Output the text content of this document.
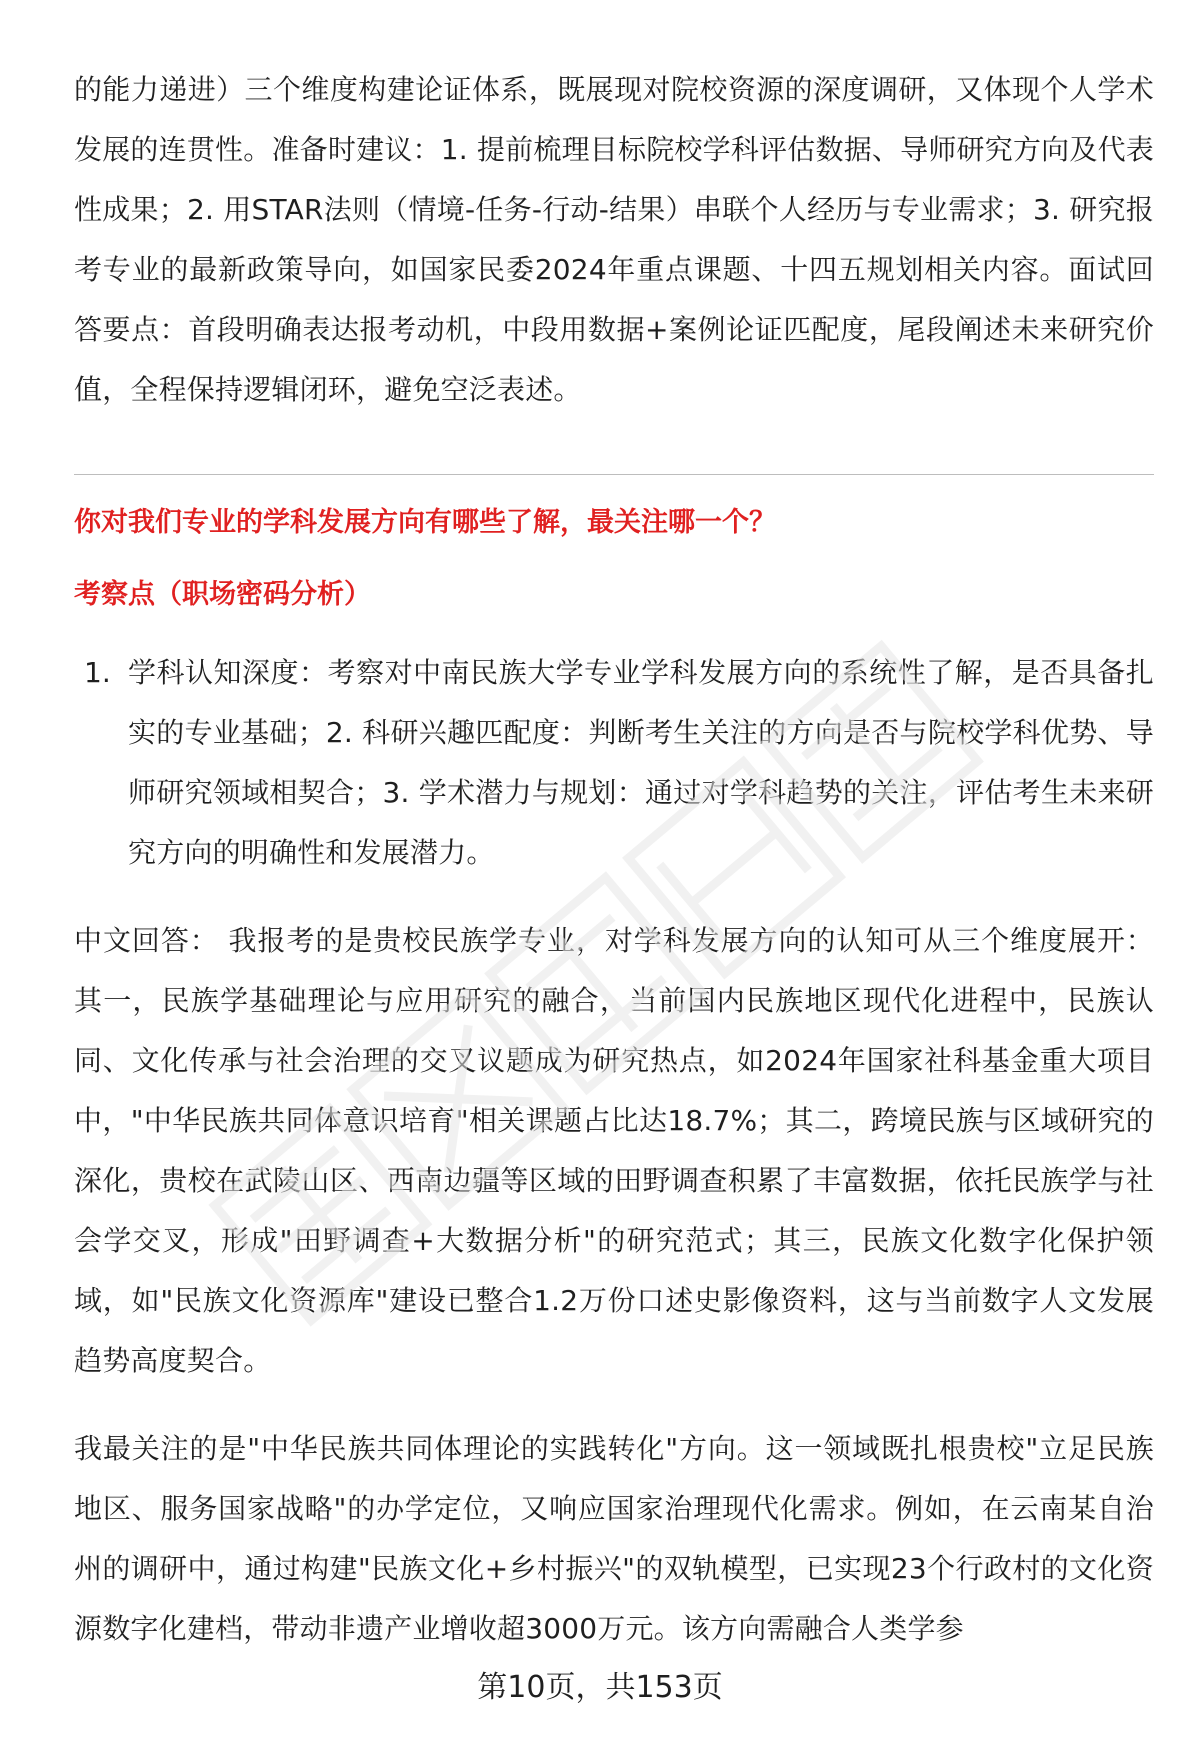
的能力递进）三个维度构建论证体系，既展现对院校资源的深度调研，又体现个人学术发展的连贯性。准备时建议：1. 提前梳理目标院校学科评估数据、导师研究方向及代表性成果；2. 用STAR法则（情境-任务-行动-结果）串联个人经历与专业需求；3. 研究报考专业的最新政策导向，如国家民委2024年重点课题、十四五规划相关内容。面试回答要点：首段明确表达报考动机，中段用数据+案例论证匹配度，尾段阐述未来研究价值，全程保持逻辑闭环，避免空泛表述。

你对我们专业的学科发展方向有哪些了解，最关注哪一个？
考察点（职场密码分析）
1. 学科认知深度：考察对中南民族大学专业学科发展方向的系统性了解，是否具备扎实的专业基础；2. 科研兴趣匹配度：判断考生关注的方向是否与院校学科优势、导师研究领域相契合；3. 学术潜力与规划：通过对学科趋势的关注，评估考生未来研究方向的明确性和发展潜力。

中文回答： 我报考的是贵校民族学专业，对学科发展方向的认知可从三个维度展开：其一，民族学基础理论与应用研究的融合，当前国内民族地区现代化进程中，民族认同、文化传承与社会治理的交叉议题成为研究热点，如2024年国家社科基金重大项目中，"中华民族共同体意识培育"相关课题占比达18.7%；其二，跨境民族与区域研究的深化，贵校在武陵山区、西南边疆等区域的田野调查积累了丰富数据，依托民族学与社会学交叉，形成"田野调查+大数据分析"的研究范式；其三，民族文化数字化保护领域，如"民族文化资源库"建设已整合1.2万份口述史影像资料，这与当前数字人文发展趋势高度契合。

我最关注的是"中华民族共同体理论的实践转化"方向。这一领域既扎根贵校"立足民族地区、服务国家战略"的办学定位，又响应国家治理现代化需求。例如，在云南某自治州的调研中，通过构建"民族文化+乡村振兴"的双轨模型，已实现23个行政村的文化资源数字化建档，带动非遗产业增收超3000万元。该方向需融合人类学参

第10页，共153页
